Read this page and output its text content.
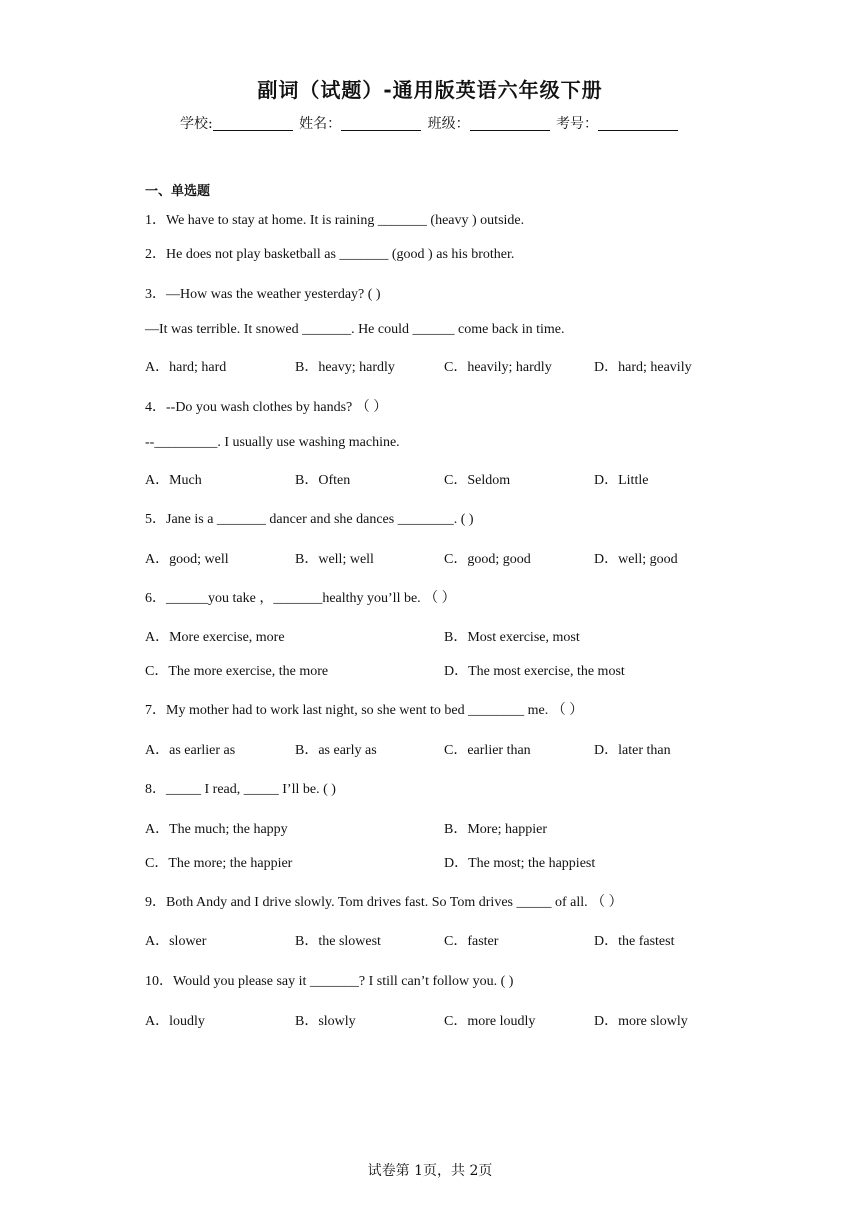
副词（试题）-通用版英语六年级下册
学校:	姓名：	班级：	考号：
一、单选题
1．We have to stay at home. It is raining _______ (heavy ) outside.
2．He does not play basketball as _______ (good ) as his brother.
3．—How was the weather yesterday? ( )
—It was terrible. It snowed _______. He could ______ come back in time.
A．hard; hard	B．heavy; hardly	C．heavily; hardly	D．hard; heavily
4．--Do you wash clothes by hands? （ ）
--_________. I usually use washing machine.
A．Much	B．Often	C．Seldom	D．Little
5．Jane is a _______ dancer and she dances ________. ( )
A．good; well	B．well; well	C．good; good	D．well; good
6．______you take ，_______healthy you’ll be. （ ）
A．More exercise, more	B．Most exercise, most
C．The more exercise, the more	D．The most exercise, the most
7．My mother had to work last night, so she went to bed ________ me. （ ）
A．as earlier as	B．as early as	C．earlier than	D．later than
8．_____ I read, _____ I’ll be. ( )
A．The much; the happy	B．More; happier
C．The more; the happier	D．The most; the happiest
9．Both Andy and I drive slowly. Tom drives fast. So Tom drives _____ of all. （ ）
A．slower	B．the slowest	C．faster	D．the fastest
10．Would you please say it _______? I still can’t follow you. ( )
A．loudly	B．slowly	C．more loudly	D．more slowly
试卷第 1页，共 2页
